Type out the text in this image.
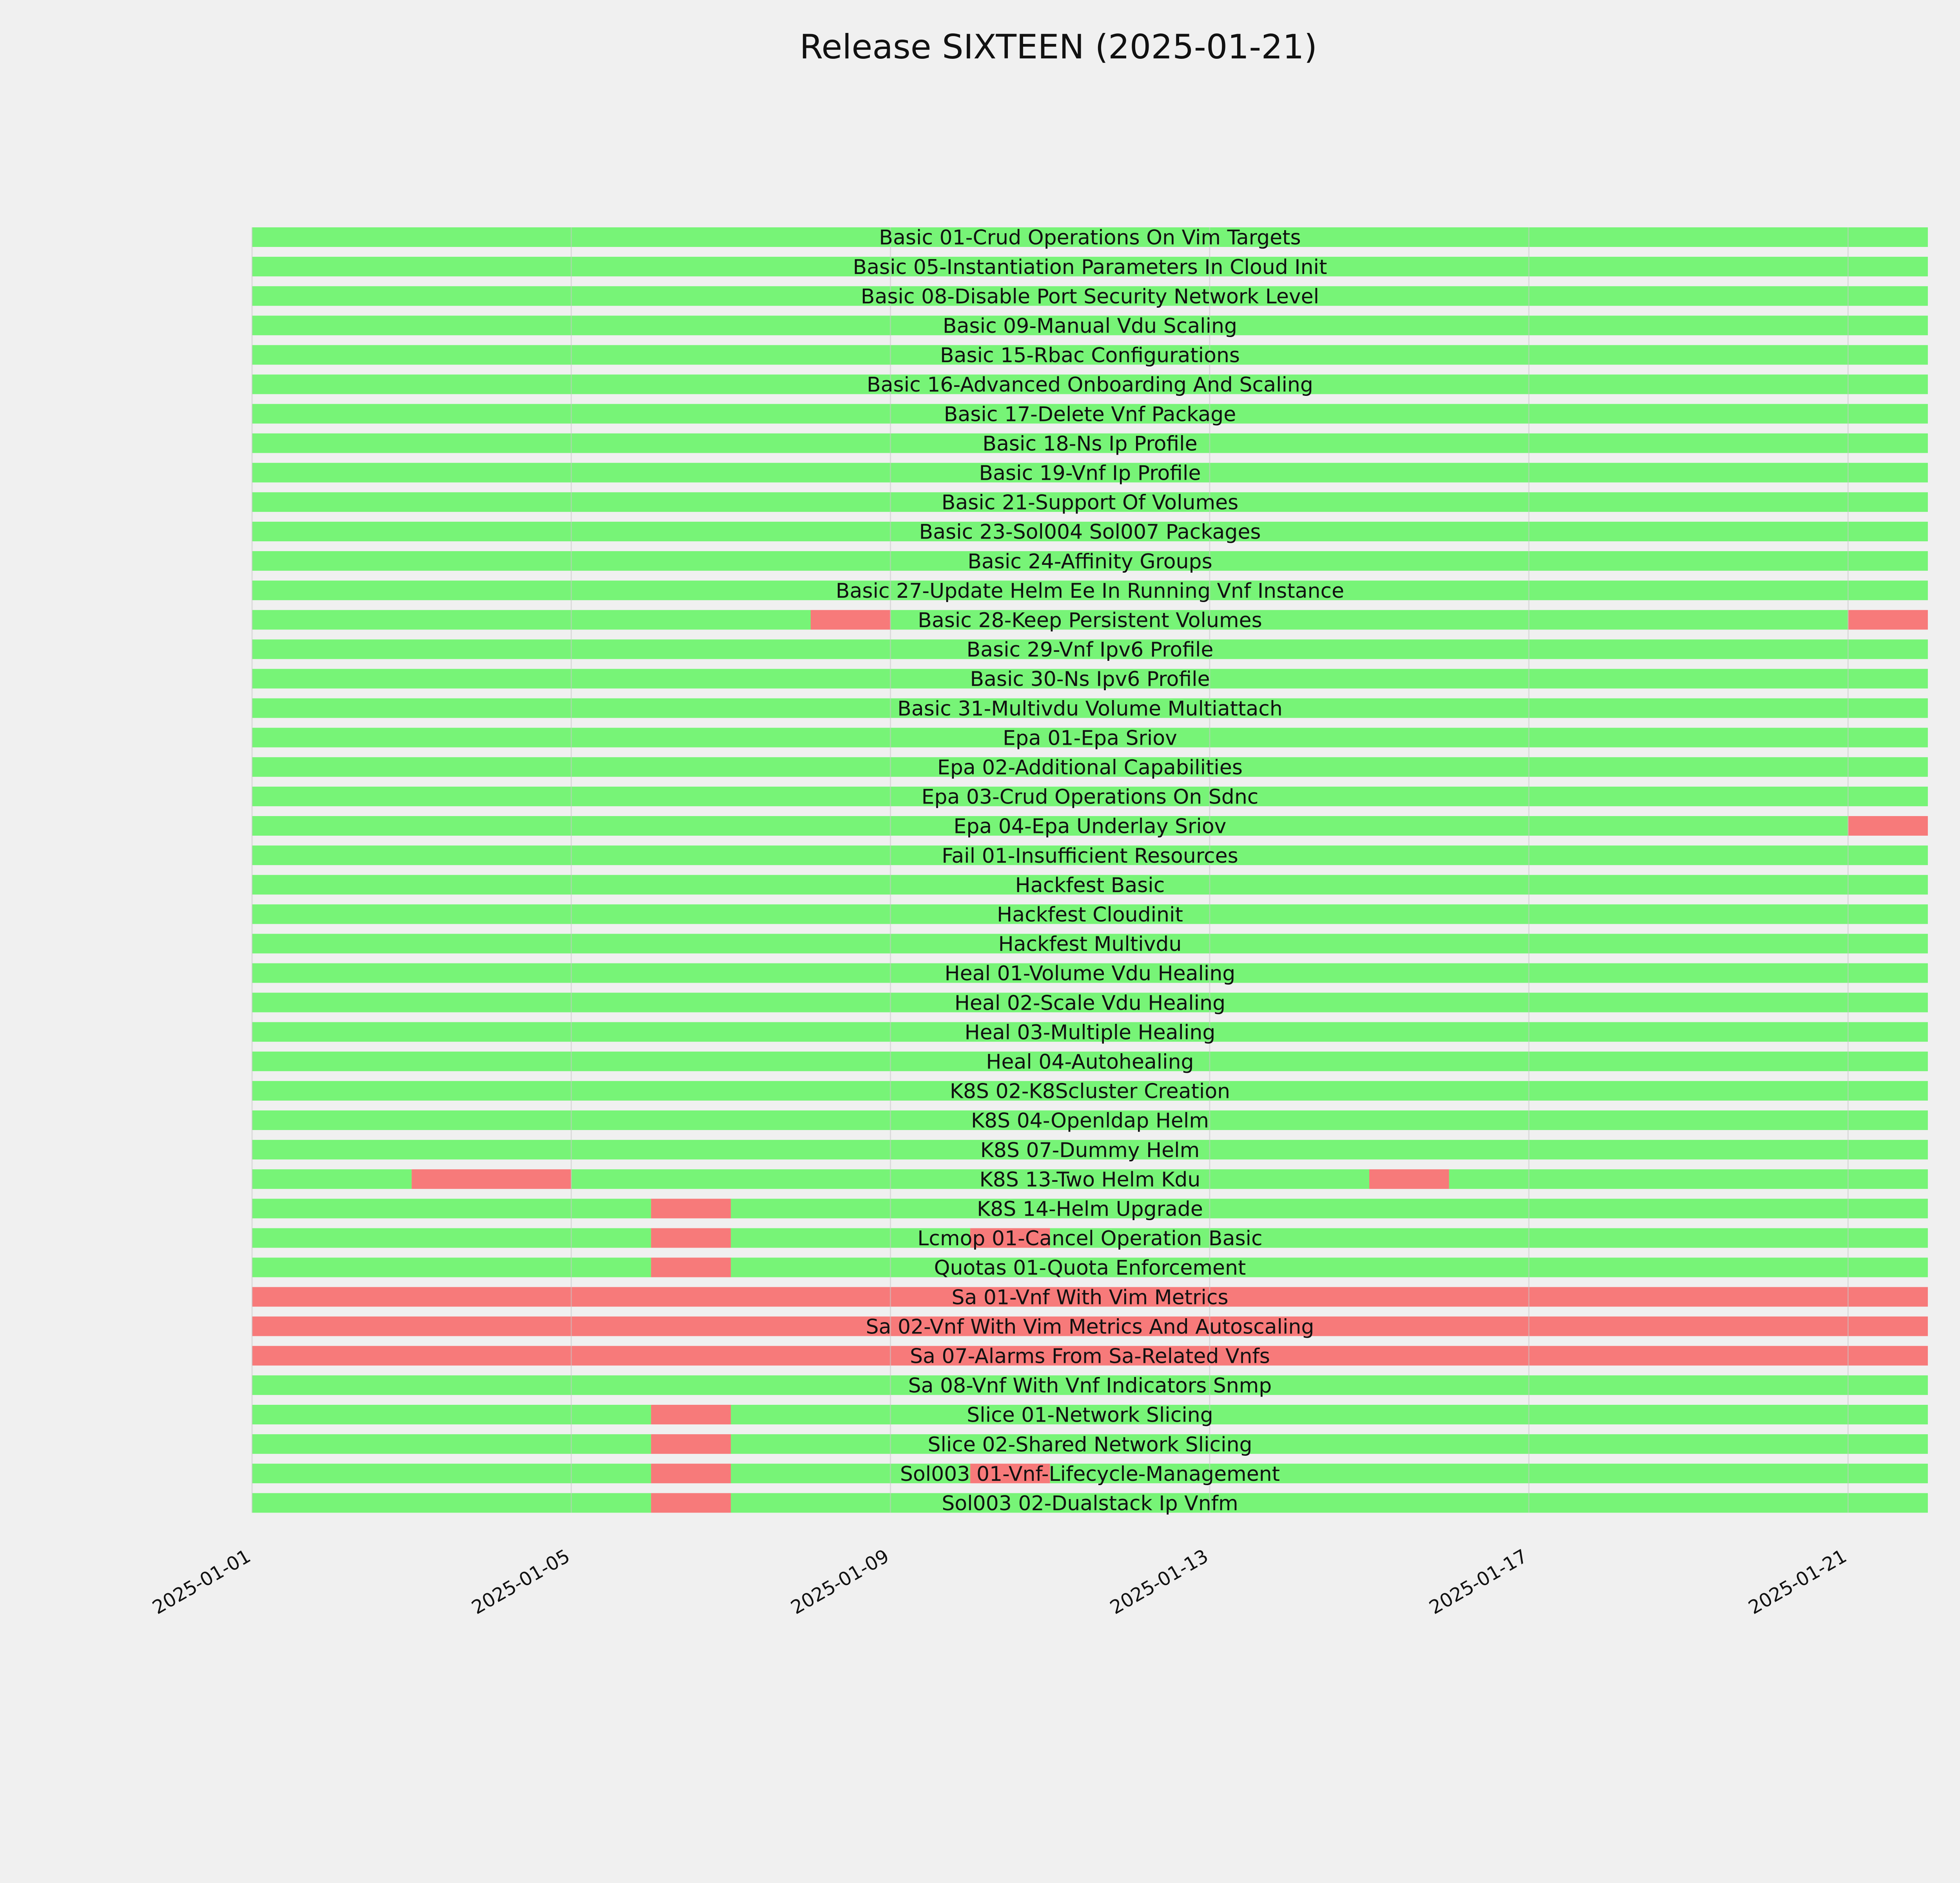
Release SIXTEEN (2025-01-21)
Basic 01-Crud Operations On Vim Targets
Basic 05-Instantiation Parameters In Cloud Init
Basic 08-Disable Port Security Network Level
Basic 09-Manual Vdu Scaling
Basic 15-Rbac Configurations
Basic 16-Advanced Onboarding And Scaling
Basic 17-Delete Vnf Package
Basic 18-Ns Ip Profile
Basic 19-Vnf Ip Profile
Basic 21-Support Of Volumes
Basic 23-Sol004 Sol007 Packages
Basic 24-Affinity Groups
Basic 27-Update Helm Ee In Running Vnf Instance
Basic 28-Keep Persistent Volumes
Basic 29-Vnf Ipv6 Profile
Basic 30-Ns Ipv6 Profile
Basic 31-Multivdu Volume Multiattach
Epa 01-Epa Sriov
Epa 02-Additional Capabilities
Epa 03-Crud Operations On Sdnc
Epa 04-Epa Underlay Sriov
Fail 01-Insufficient Resources
Hackfest Basic
Hackfest Cloudinit
Hackfest Multivdu
Heal 01-Volume Vdu Healing
Heal 02-Scale Vdu Healing
Heal 03-Multiple Healing
Heal 04-Autohealing
K8S 02-K8Scluster Creation
K8S 04-Openldap Helm
K8S 07-Dummy Helm
K8S 13-Two Helm Kdu
K8S 14-Helm Upgrade
Lcmop 01-Cancel Operation Basic
Quotas 01-Quota Enforcement
Sa 01-Vnf With Vim Metrics
Sa 02-Vnf With Vim Metrics And Autoscaling
Sa 07-Alarms From Sa-Related Vnfs
Sa 08-Vnf With Vnf Indicators Snmp
Slice 01-Network Slicing
Slice 02-Shared Network Slicing
Sol003 01-Vnf-Lifecycle-Management
Sol003 02-Dualstack Ip Vnfm
2025-01-01	2025-01-05	2025-01-09	2025-01-13	2025-01-17	2025-01-21
